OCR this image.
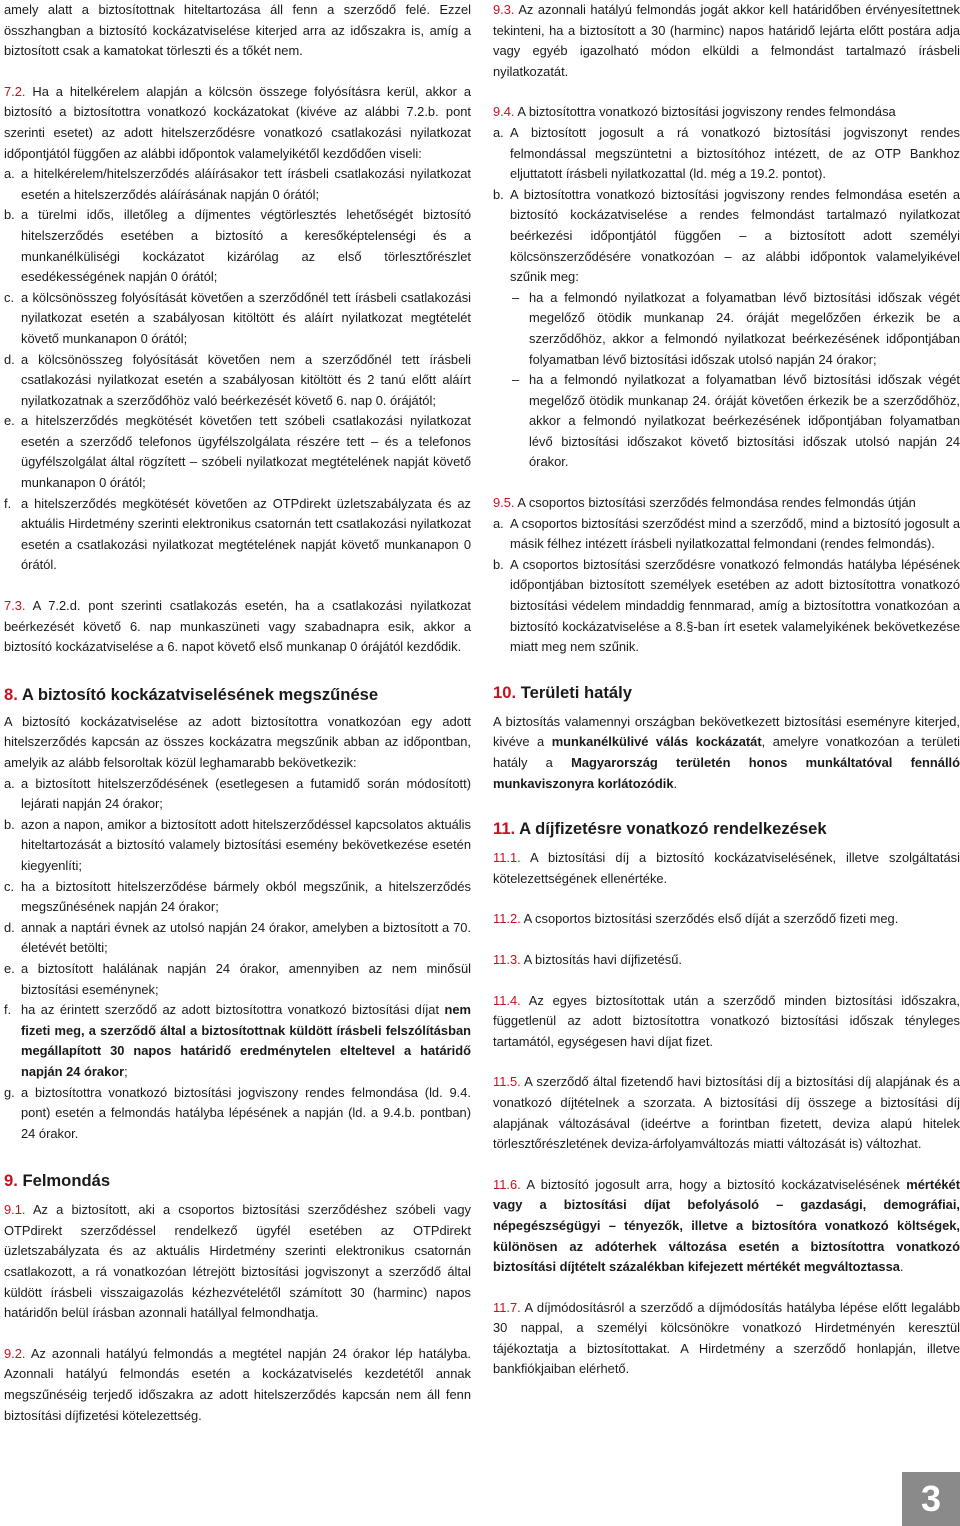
amely alatt a biztosítottnak hiteltartozása áll fenn a szerződő felé. Ezzel összhangban a biztosító kockázatviselése kiterjed arra az időszakra is, amíg a biztosított csak a kamatokat törleszti és a tőkét nem.

7.2. Ha a hitelkérelem alapján a kölcsön összege folyósításra kerül, akkor a biztosító a biztosítottra vonatkozó kockázatokat (kivéve az alábbi 7.2.b. pont szerinti esetet) az adott hitelszerződésre vonatkozó csatlakozási nyilatkozat időpontjától függően az alábbi időpontok valamelyikétől kezdődően viseli:

a. a hitelkérelem/hitelszerződés aláírásakor tett írásbeli csatlakozási nyilatkozat esetén a hitelszerződés aláírásának napján 0 órától;
b. a türelmi idős, illetőleg a díjmentes végtörlesztés lehetőségét biztosító hitelszerződés esetében a biztosító a keresőképtelenségi és a munkanélküliségi kockázatot kizárólag az első törlesztőrészlet esedékességének napján 0 órától;
c. a kölcsönösszeg folyósítását követően a szerződőnél tett írásbeli csatlakozási nyilatkozat esetén a szabályosan kitöltött és aláírt nyilatkozat megtételét követő munkanapon 0 órától;
d. a kölcsönösszeg folyósítását követően nem a szerződőnél tett írásbeli csatlakozási nyilatkozat esetén a szabályosan kitöltött és 2 tanú előtt aláírt nyilatkozatnak a szerződőhöz való beérkezését követő 6. nap 0. órájától;
e. a hitelszerződés megkötését követően tett szóbeli csatlakozási nyilatkozat esetén a szerződő telefonos ügyfélszolgálata részére tett – és a telefonos ügyfélszolgálat által rögzített – szóbeli nyilatkozat megtételének napját követő munkanapon 0 órától;
f. a hitelszerződés megkötését követően az OTPdirekt üzletszabályzata és az aktuális Hirdetmény szerinti elektronikus csatornán tett csatlakozási nyilatkozat esetén a csatlakozási nyilatkozat megtételének napját követő munkanapon 0 órától.

7.3. A 7.2.d. pont szerinti csatlakozás esetén, ha a csatlakozási nyilatkozat beérkezését követő 6. nap munkaszüneti vagy szabadnapra esik, akkor a biztosító kockázatviselése a 6. napot követő első munkanap 0 órájától kezdődik.

8. A biztosító kockázatviselésének megszűnése

A biztosító kockázatviselése az adott biztosítottra vonatkozóan egy adott hitelszerződés kapcsán az összes kockázatra megszűnik abban az időpontban, amelyik az alább felsoroltak közül leghamarabb bekövetkezik:

a. a biztosított hitelszerződésének (esetlegesen a futamidő során módosított) lejárati napján 24 órakor;
b. azon a napon, amikor a biztosított adott hitelszerződéssel kapcsolatos aktuális hiteltartozását a biztosító valamely biztosítási esemény bekövetkezése esetén kiegyenlíti;
c. ha a biztosított hitelszerződése bármely okból megszűnik, a hitelszerződés megszűnésének napján 24 órakor;
d. annak a naptári évnek az utolsó napján 24 órakor, amelyben a biztosított a 70. életévét betölti;
e. a biztosított halálának napján 24 órakor, amennyiben az nem minősül biztosítási eseménynek;
f. ha az érintett szerződő az adott biztosítottra vonatkozó biztosítási díjat nem fizeti meg, a szerződő által a biztosítottnak küldött írásbeli felszólításban megállapított 30 napos határidő eredménytelen elteltevel a határidő napján 24 órakor;
g. a biztosítottra vonatkozó biztosítási jogviszony rendes felmondása (ld. 9.4. pont) esetén a felmondás hatályba lépésének a napján (ld. a 9.4.b. pontban) 24 órakor.
9. Felmondás

9.1. Az a biztosított, aki a csoportos biztosítási szerződéshez szóbeli vagy OTPdirekt szerződéssel rendelkező ügyfél esetében az OTPdirekt üzletszabályzata és az aktuális Hirdetmény szerinti elektronikus csatornán csatlakozott, a rá vonatkozóan létrejött biztosítási jogviszonyt a szerződő által küldött írásbeli visszaigazolás kézhezvételétől számított 30 (harminc) napos határidőn belül írásban azonnali hatállyal felmondhatja.

9.2. Az azonnali hatályú felmondás a megtétel napján 24 órakor lép hatályba. Azonnali hatályú felmondás esetén a kockázatviselés kezdetétől annak megszűnéséig terjedő időszakra az adott hitelszerződés kapcsán nem áll fenn biztosítási díjfizetési kötelezettség.

9.3. Az azonnali hatályú felmondás jogát akkor kell határidőben érvényesítettnek tekinteni, ha a biztosított a 30 (harminc) napos határidő lejárta előtt postára adja vagy egyéb igazolható módon elküldi a felmondást tartalmazó írásbeli nyilatkozatát.

9.4. A biztosítottra vonatkozó biztosítási jogviszony rendes felmondása

a. A biztosított jogosult a rá vonatkozó biztosítási jogviszonyt rendes felmondással megszüntetni a biztosítóhoz intézett, de az OTP Bankhoz eljuttatott írásbeli nyilatkozattal (ld. még a 19.2. pontot).
b. A biztosítottra vonatkozó biztosítási jogviszony rendes felmondása esetén a biztosító kockázatviselése a rendes felmondást tartalmazó nyilatkozat beérkezési időpontjától függően – a biztosított adott személyi kölcsönszerződésére vonatkozóan – az alábbi időpontok valamelyikével szűnik meg:
– ha a felmondó nyilatkozat a folyamatban lévő biztosítási időszak végét megelőző ötödik munkanap 24. óráját megelőzően érkezik be a szerződőhöz, akkor a felmondó nyilatkozat beérkezésének időpontjában folyamatban lévő biztosítási időszak utolsó napján 24 órakor;
– ha a felmondó nyilatkozat a folyamatban lévő biztosítási időszak végét megelőző ötödik munkanap 24. óráját követően érkezik be a szerződőhöz, akkor a felmondó nyilatkozat beérkezésének időpontjában folyamatban lévő biztosítási időszakot követő biztosítási időszak utolsó napján 24 órakor.

9.5. A csoportos biztosítási szerződés felmondása rendes felmondás útján

a. A csoportos biztosítási szerződést mind a szerződő, mind a biztosító jogosult a másik félhez intézett írásbeli nyilatkozattal felmondani (rendes felmondás).
b. A csoportos biztosítási szerződésre vonatkozó felmondás hatályba lépésének időpontjában biztosított személyek esetében az adott biztosítottra vonatkozó biztosítási védelem mindaddig fennmarad, amíg a biztosítottra vonatkozóan a biztosító kockázatviselése a 8.§-ban írt esetek valamelyikének bekövetkezése miatt meg nem szűnik.
10. Területi hatály

A biztosítás valamennyi országban bekövetkezett biztosítási eseményre kiterjed, kivéve a munkanélkülivé válás kockázatát, amelyre vonatkozóan a területi hatály a Magyarország területén honos munkáltatóval fennálló munkaviszonyra korlátozódik.

11. A díjfizetésre vonatkozó rendelkezések

11.1. A biztosítási díj a biztosító kockázatviselésének, illetve szolgáltatási kötelezettségének ellenértéke.

11.2. A csoportos biztosítási szerződés első díját a szerződő fizeti meg.

11.3. A biztosítás havi díjfizetésű.

11.4. Az egyes biztosítottak után a szerződő minden biztosítási időszakra, függetlenül az adott biztosítottra vonatkozó biztosítási időszak tényleges tartamától, egységesen havi díjat fizet.

11.5. A szerződő által fizetendő havi biztosítási díj a biztosítási díj alapjának és a vonatkozó díjtételnek a szorzata. A biztosítási díj összege a biztosítási díj alapjának változásával (ideértve a forintban fizetett, deviza alapú hitelek törlesztőrészletének deviza-árfolyamváltozás miatti változását is) változhat.

11.6. A biztosító jogosult arra, hogy a biztosító kockázatviselésének mértékét vagy a biztosítási díjat befolyásoló – gazdasági, demográfiai, népegészségügyi – tényezők, illetve a biztosítóra vonatkozó költségek, különösen az adóterhek változása esetén a biztosítottra vonatkozó biztosítási díjtételt százalékban kifejezett mértékét megváltoztassa.

11.7. A díjmódosításról a szerződő a díjmódosítás hatályba lépése előtt legalább 30 nappal, a személyi kölcsönökre vonatkozó Hirdetményén keresztül tájékoztatja a biztosítottakat. A Hirdetmény a szerződő honlapján, illetve bankfiókjaiban elérhető.

3
